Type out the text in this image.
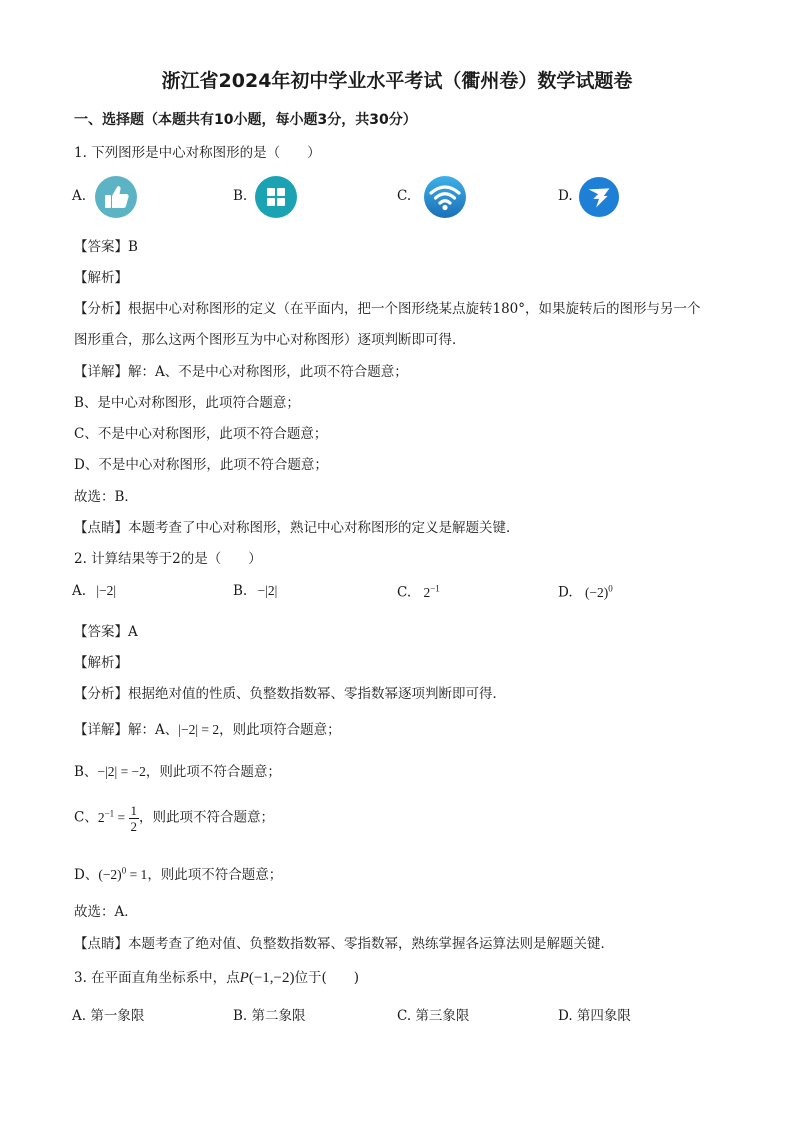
浙江省2024年初中学业水平考试（衢州卷）数学试题卷
一、选择题（本题共有10小题，每小题3分，共30分）
1. 下列图形是中心对称图形的是（　　）
A.	B.	C.	D.
【答案】B
【解析】
【分析】根据中心对称图形的定义（在平面内，把一个图形绕某点旋转180°，如果旋转后的图形与另一个
图形重合，那么这两个图形互为中心对称图形）逐项判断即可得．
【详解】解：A、不是中心对称图形，此项不符合题意；
B、是中心对称图形，此项符合题意；
C、不是中心对称图形，此项不符合题意；
D、不是中心对称图形，此项不符合题意；
故选：B．
【点睛】本题考查了中心对称图形，熟记中心对称图形的定义是解题关键．
2. 计算结果等于2的是（　　）
A. |−2|	B. −|2|	C. $2^{-1}$	D. $(-2)^0$
【答案】A
【解析】
【分析】根据绝对值的性质、负整数指数幂、零指数幂逐项判断即可得．
【详解】解：A、|−2| = 2，则此项符合题意；
B、−|2| = −2，则此项不符合题意；
C、$2^{-1} = \frac{1}{2}$ ，则此项不符合题意；
D、$(-2)^0 = 1$，则此项不符合题意；
故选：A．
【点睛】本题考查了绝对值、负整数指数幂、零指数幂，熟练掌握各运算法则是解题关键．
3. 在平面直角坐标系中，点P(−1,−2)位于(　　)
A. 第一象限	B. 第二象限	C. 第三象限	D. 第四象限
